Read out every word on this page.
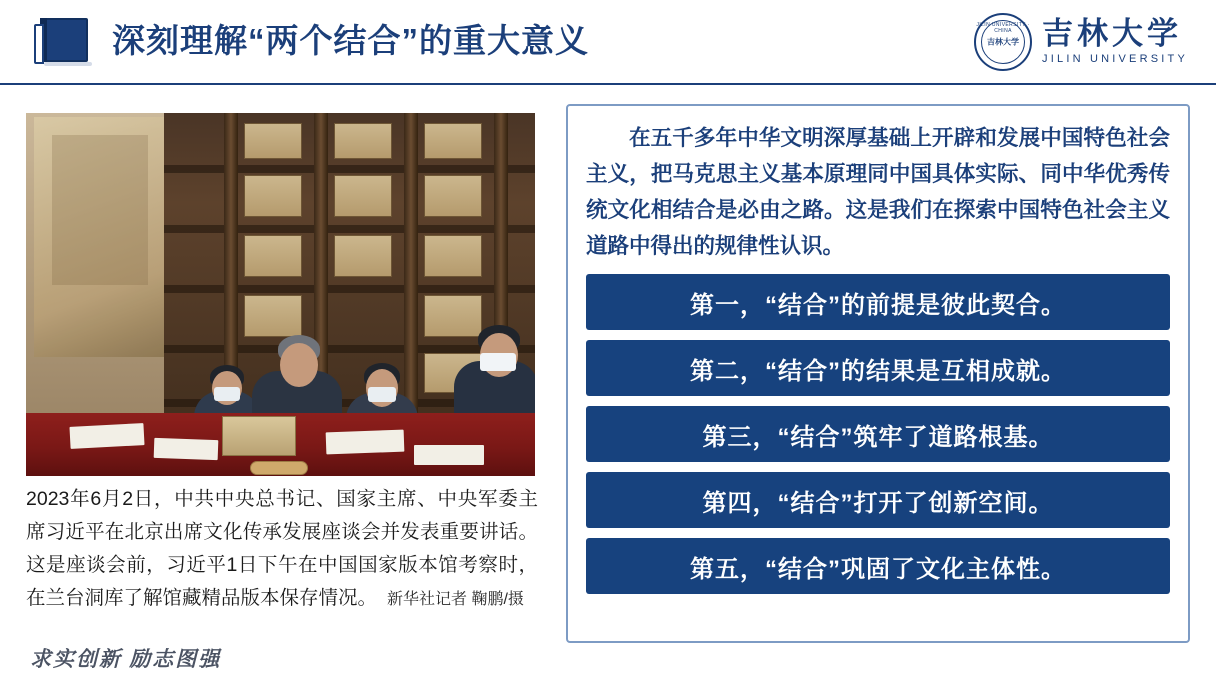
深刻理解“两个结合”的重大意义	JILIN UNIVERSITY · CHINA
吉林大学 吉林大学
JILIN UNIVERSITY
2023年6月2日，中共中央总书记、国家主席、中央军委主席习近平在北京出席文化传承发展座谈会并发表重要讲话。这是座谈会前，习近平1日下午在中国国家版本馆考察时，在兰台洞库了解馆藏精品版本保存情况。 新华社记者 鞠鹏/摄
求实创新 励志图强
在五千多年中华文明深厚基础上开辟和发展中国特色社会主义，把马克思主义基本原理同中国具体实际、同中华优秀传统文化相结合是必由之路。这是我们在探索中国特色社会主义道路中得出的规律性认识。
第一，“结合”的前提是彼此契合。
第二，“结合”的结果是互相成就。
第三，“结合”筑牢了道路根基。
第四，“结合”打开了创新空间。
第五，“结合”巩固了文化主体性。
